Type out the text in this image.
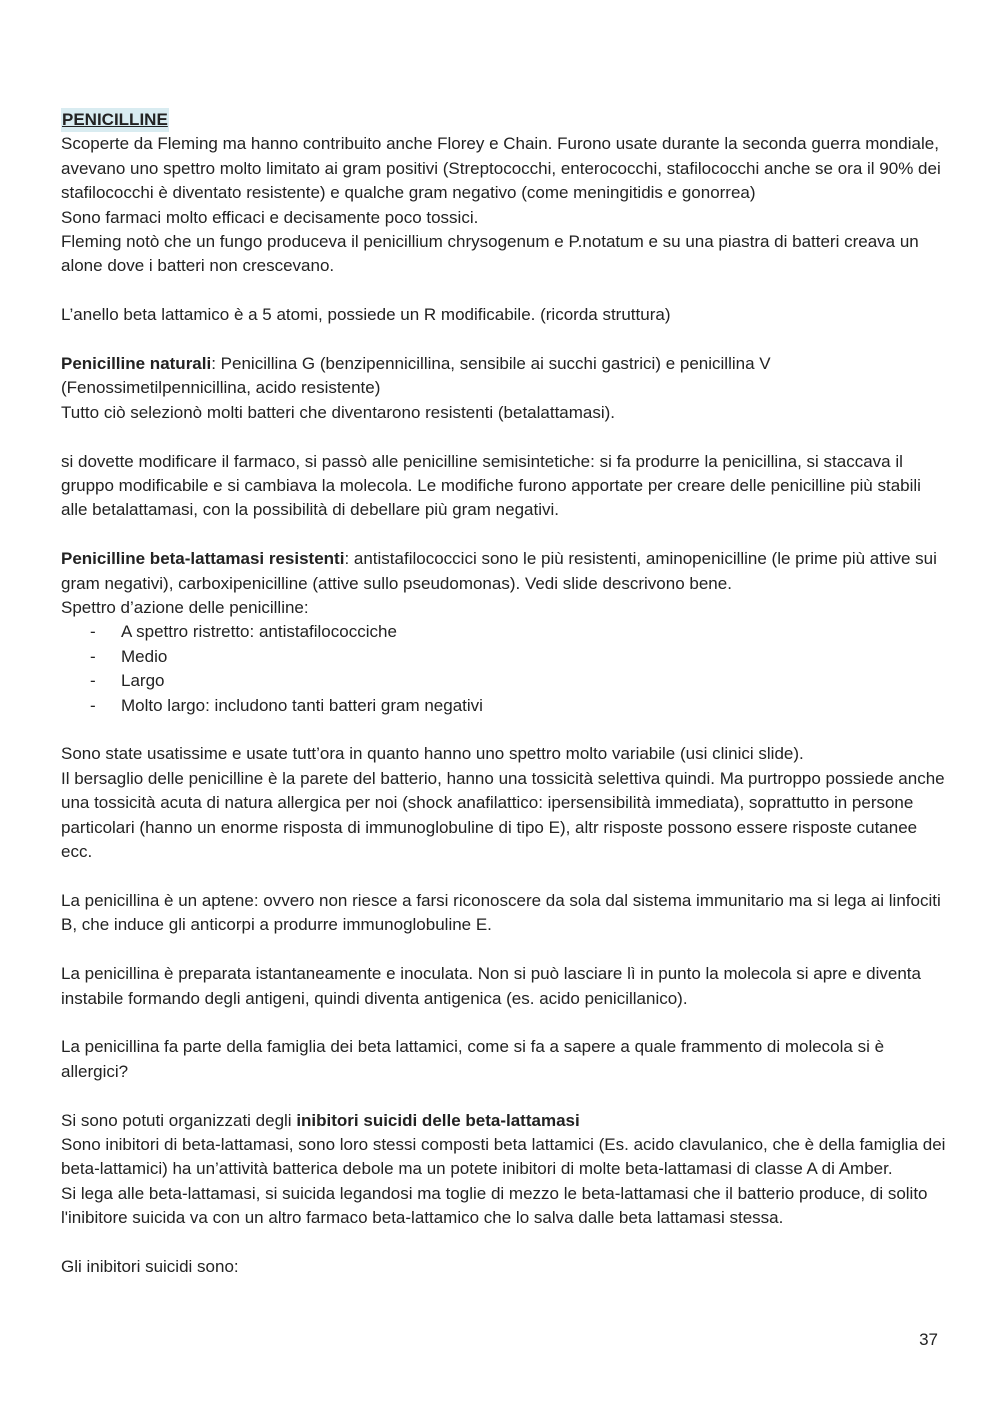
PENICILLINE

Scoperte da Fleming ma hanno contribuito anche Florey e Chain. Furono usate durante la seconda guerra mondiale, avevano uno spettro molto limitato ai gram positivi (Streptococchi, enterococchi, stafilococchi anche se ora il 90% dei stafilococchi è diventato resistente) e qualche gram negativo (come meningitidis e gonorrea)

Sono farmaci molto efficaci e decisamente poco tossici.

Fleming notò che un fungo produceva il penicillium chrysogenum e P.notatum e su una piastra di batteri creava un alone dove i batteri non crescevano.

L’anello beta lattamico è a 5 atomi, possiede un R modificabile. (ricorda struttura)

Penicilline naturali: Penicillina G (benzipennicillina, sensibile ai succhi gastrici) e penicillina V (Fenossimetilpennicillina, acido resistente)

Tutto ciò selezionò molti batteri che diventarono resistenti (betalattamasi).

si dovette modificare il farmaco, si passò alle penicilline semisintetiche: si fa produrre la penicillina, si staccava il gruppo modificabile e si cambiava la molecola. Le modifiche furono apportate per creare delle penicilline più stabili alle betalattamasi, con la possibilità di debellare più gram negativi.

Penicilline beta-lattamasi resistenti: antistafilococcici sono le più resistenti, aminopenicilline (le prime più attive sui gram negativi), carboxipenicilline (attive sullo pseudomonas). Vedi slide descrivono bene.

Spettro d’azione delle penicilline:

- A spettro ristretto: antistafilococciche
- Medio
- Largo
- Molto largo: includono tanti batteri gram negativi

Sono state usatissime e usate tutt’ora in quanto hanno uno spettro molto variabile (usi clinici slide).

Il bersaglio delle penicilline è la parete del batterio, hanno una tossicità selettiva quindi. Ma purtroppo possiede anche una tossicità acuta di natura allergica per noi (shock anafilattico: ipersensibilità immediata), soprattutto in persone particolari (hanno un enorme risposta di immunoglobuline di tipo E), altr risposte possono essere risposte cutanee ecc.

La penicillina è un aptene: ovvero non riesce a farsi riconoscere da sola dal sistema immunitario ma si lega ai linfociti B, che induce gli anticorpi a produrre immunoglobuline E.

La penicillina è preparata istantaneamente e inoculata. Non si può lasciare lì in punto la molecola si apre e diventa instabile formando degli antigeni, quindi diventa antigenica (es. acido penicillanico).

La penicillina fa parte della famiglia dei beta lattamici, come si fa a sapere a quale frammento di molecola si è allergici?

Si sono potuti organizzati degli inibitori suicidi delle beta-lattamasi

Sono inibitori di beta-lattamasi, sono loro stessi composti beta lattamici (Es. acido clavulanico, che è della famiglia dei beta-lattamici) ha un’attività batterica debole ma un potete inibitori di molte beta-lattamasi di classe A di Amber.

Si lega alle beta-lattamasi, si suicida legandosi ma toglie di mezzo le beta-lattamasi che il batterio produce, di solito l'inibitore suicida va con un altro farmaco beta-lattamico che lo salva dalle beta lattamasi stessa.

Gli inibitori suicidi sono:

37
